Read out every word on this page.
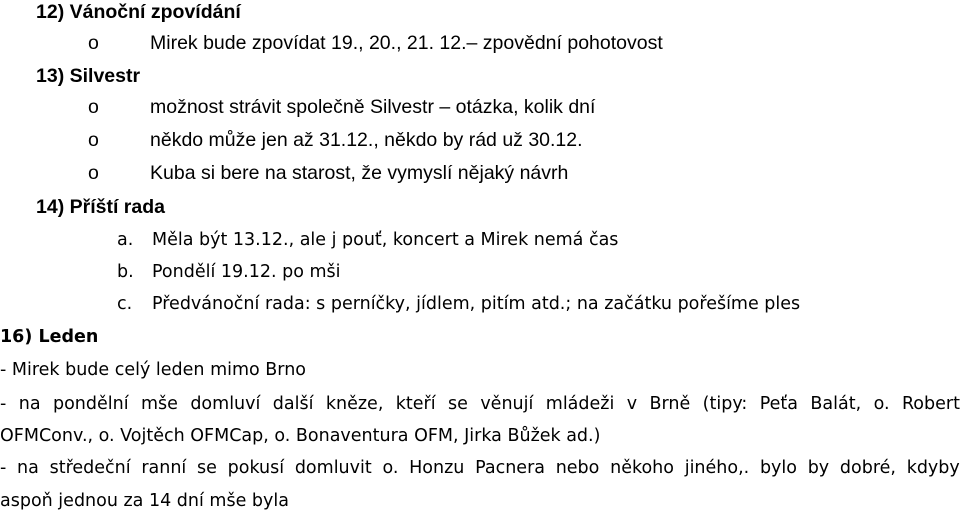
12) Vánoční zpovídání
o	Mirek bude zpovídat 19., 20., 21. 12.– zpovědní pohotovost
13) Silvestr
o	možnost strávit společně Silvestr – otázka, kolik dní
o	někdo může jen až 31.12., někdo by rád už 30.12.
o	Kuba si bere na starost, že vymyslí nějaký návrh
14) Příští rada
a. Měla být 13.12., ale j pouť, koncert a Mirek nemá čas
b. Pondělí 19.12. po mši
c. Předvánoční rada: s perníčky, jídlem, pitím atd.; na začátku pořešíme ples
16) Leden
- Mirek bude celý leden mimo Brno
- na pondělní mše domluví další kněze, kteří se věnují mládeži v Brně (tipy: Peťa Balát, o. Robert
OFMConv., o. Vojtěch OFMCap, o. Bonaventura OFM, Jirka Bůžek ad.)
- na středeční ranní se pokusí domluvit o. Honzu Pacnera nebo někoho jiného,. bylo by dobré, kdyby
aspoň jednou za 14 dní mše byla
